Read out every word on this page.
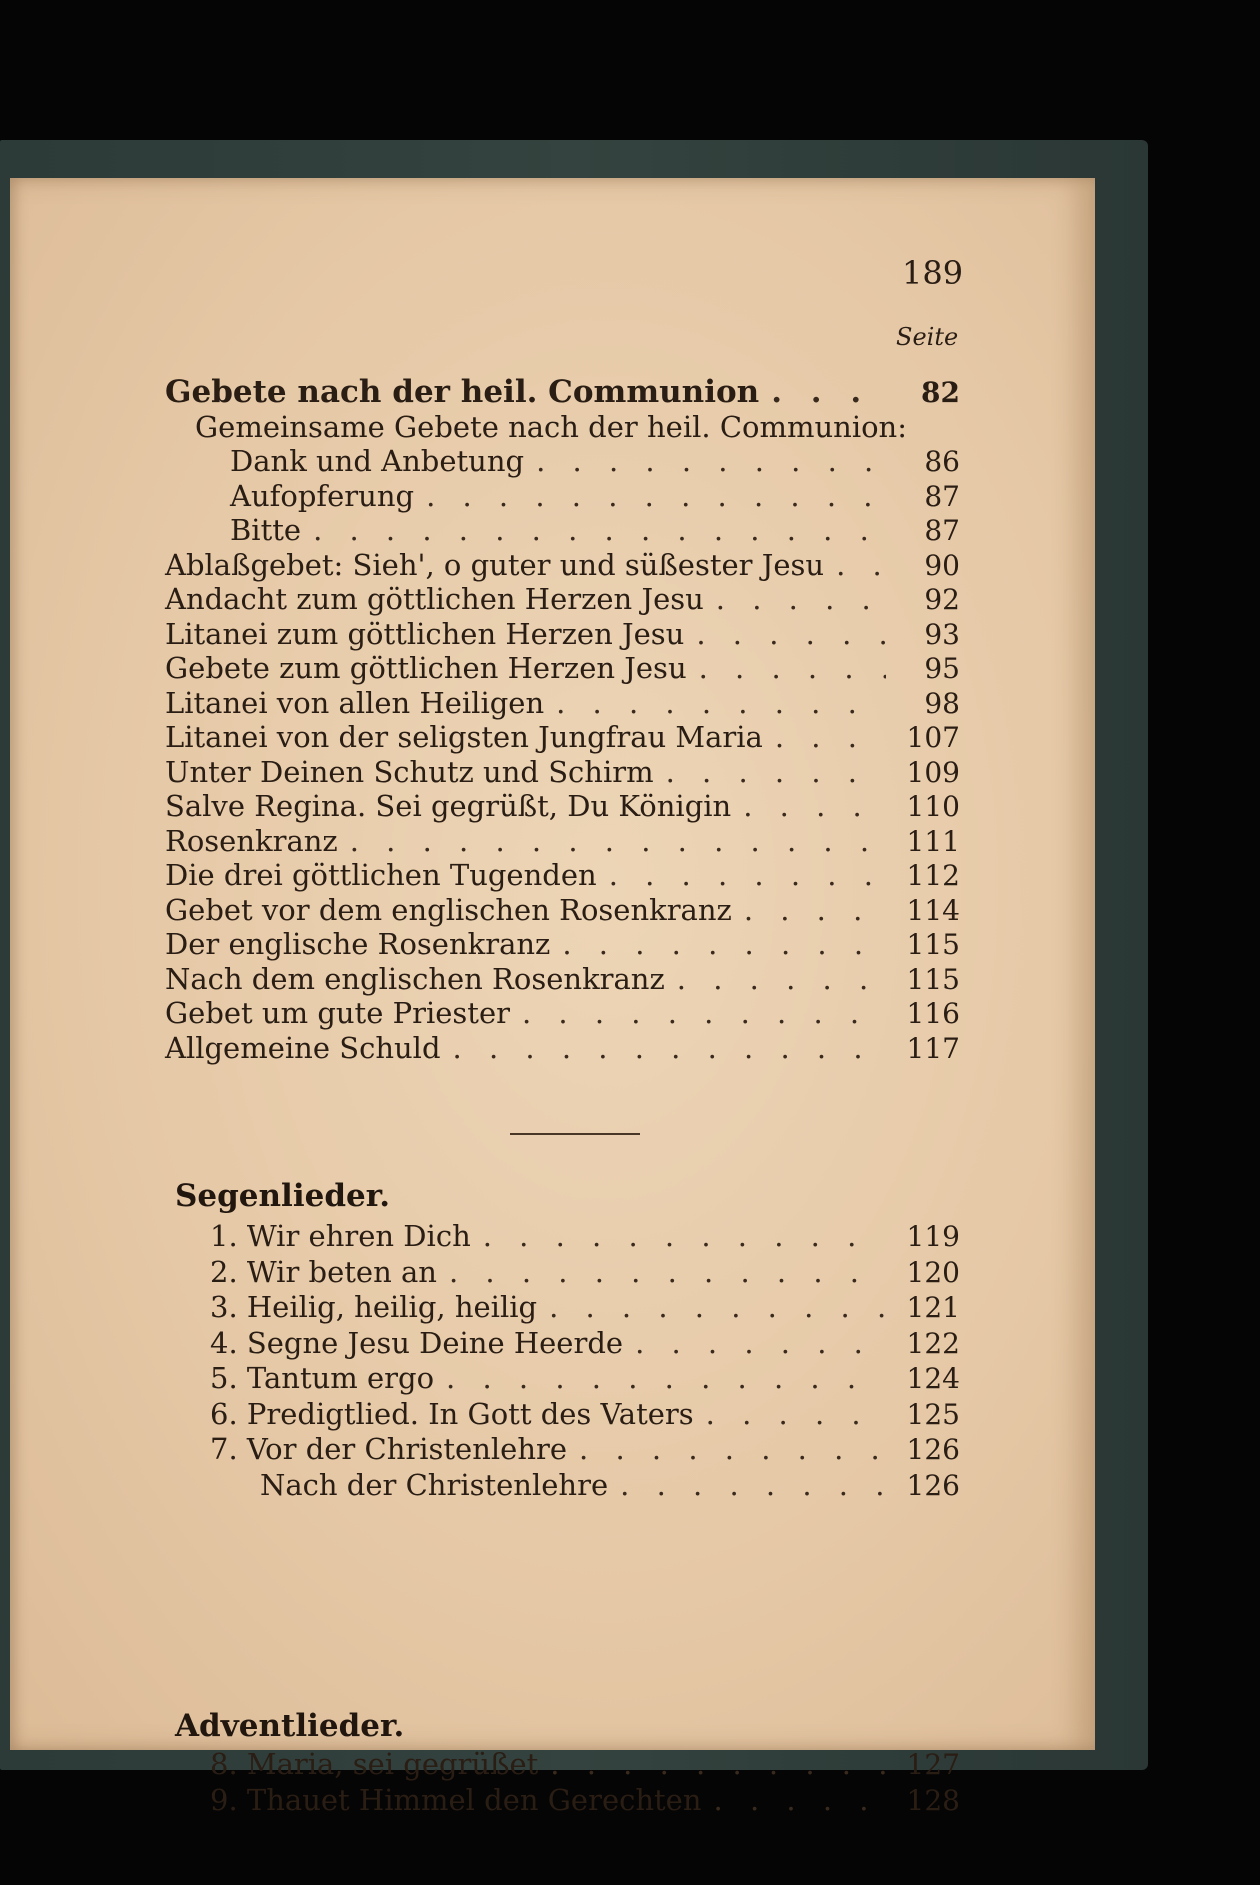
189
Seite
Gebete nach der heil. Communion . . .	82
Gemeinsame Gebete nach der heil. Communion:
Dank und Anbetung . . .	86
Aufopferung . . .	87
Bitte . . .	87
Ablaßgebet: Sieh', o guter und süßester Jesu . . .	90
Andacht zum göttlichen Herzen Jesu . . .	92
Litanei zum göttlichen Herzen Jesu . . .	93
Gebete zum göttlichen Herzen Jesu . . .	95
Litanei von allen Heiligen . . .	98
Litanei von der seligsten Jungfrau Maria . . .	107
Unter Deinen Schutz und Schirm . . .	109
Salve Regina. Sei gegrüßt, Du Königin . . .	110
Rosenkranz . . .	111
Die drei göttlichen Tugenden . . .	112
Gebet vor dem englischen Rosenkranz . . .	114
Der englische Rosenkranz . . .	115
Nach dem englischen Rosenkranz . . .	115
Gebet um gute Priester . . .	116
Allgemeine Schuld . . .	117
Segenlieder.
1. Wir ehren Dich . . .	119
2. Wir beten an . . .	120
3. Heilig, heilig, heilig . . .	121
4. Segne Jesu Deine Heerde . . .	122
5. Tantum ergo . . .	124
6. Predigtlied. In Gott des Vaters . . .	125
7. Vor der Christenlehre . . .	126
Nach der Christenlehre . . .	126
Adventlieder.
8. Maria, sei gegrüßet . . .	127
9. Thauet Himmel den Gerechten . . .	128
